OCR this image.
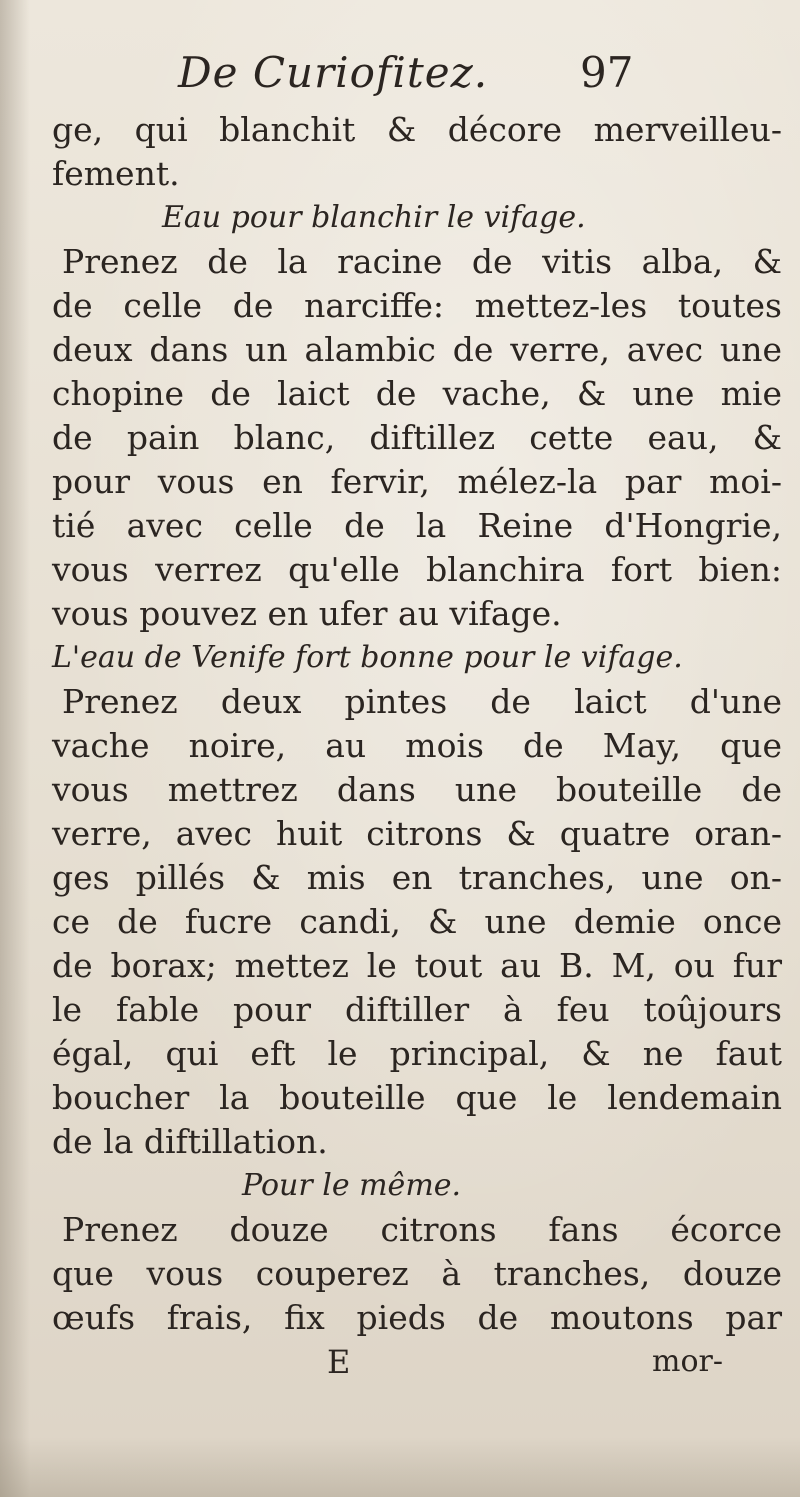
De Curiofitez. 97
ge, qui blanchit & décore merveilleu-
fement.
Eau pour blanchir le vifage.
Prenez de la racine de vitis alba, &
de celle de narciffe: mettez-les toutes
deux dans un alambic de verre, avec une
chopine de laict de vache, & une mie
de pain blanc, diftillez cette eau, &
pour vous en fervir, mélez-la par moi-
tié avec celle de la Reine d'Hongrie,
vous verrez qu'elle blanchira fort bien:
vous pouvez en ufer au vifage.
L'eau de Venife fort bonne pour le vifage.
Prenez deux pintes de laict d'une
vache noire, au mois de May, que
vous mettrez dans une bouteille de
verre, avec huit citrons & quatre oran-
ges pillés & mis en tranches, une on-
ce de fucre candi, & une demie once
de borax; mettez le tout au B. M, ou fur
le fable pour diftiller à feu toûjours
égal, qui eft le principal, & ne faut
boucher la bouteille que le lendemain
de la diftillation.
Pour le même.
Prenez douze citrons fans écorce
que vous couperez à tranches, douze
œufs frais, fix pieds de moutons par
E	mor-
